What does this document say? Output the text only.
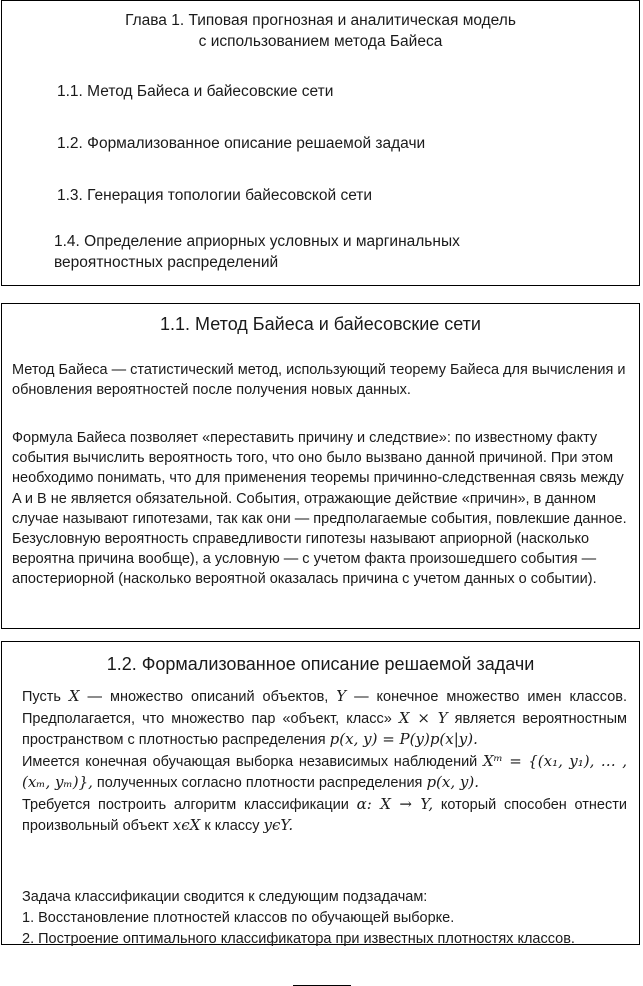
Глава 1. Типовая прогнозная и аналитическая модель
с использованием метода Байеса
1.1. Метод Байеса и байесовские сети
1.2. Формализованное описание решаемой задачи
1.3. Генерация топологии байесовской сети
1.4. Определение априорных условных и маргинальных вероятностных распределений
1.1. Метод Байеса и байесовские сети
Метод Байеса — статистический метод, использующий теорему Байеса для вычисления и обновления вероятностей после получения новых данных.
Формула Байеса позволяет «переставить причину и следствие»: по известному факту события вычислить вероятность того, что оно было вызвано данной причиной. При этом необходимо понимать, что для применения теоремы причинно-следственная связь между A и B не является обязательной. События, отражающие действие «причин», в данном случае называют гипотезами, так как они — предполагаемые события, повлекшие данное. Безусловную вероятность справедливости гипотезы называют априорной (насколько вероятна причина вообще), а условную — с учетом факта произошедшего события — апостериорной (насколько вероятной оказалась причина с учетом данных о событии).
1.2. Формализованное описание решаемой задачи
Пусть X — множество описаний объектов, Y — конечное множество имен классов. Предполагается, что множество пар «объект, класс» X × Y является вероятностным пространством с плотностью распределения p(x, y) = P(y)p(x|y).
Имеется конечная обучающая выборка независимых наблюдений Xᵐ = {(x₁, y₁), … , (xₘ, yₘ)}, полученных согласно плотности распределения p(x, y).
Требуется построить алгоритм классификации α: X → Y, который способен отнести произвольный объект xϵX к классу yϵY.
Задача классификации сводится к следующим подзадачам:
1. Восстановление плотностей классов по обучающей выборке.
2. Построение оптимального классификатора при известных плотностях классов.
